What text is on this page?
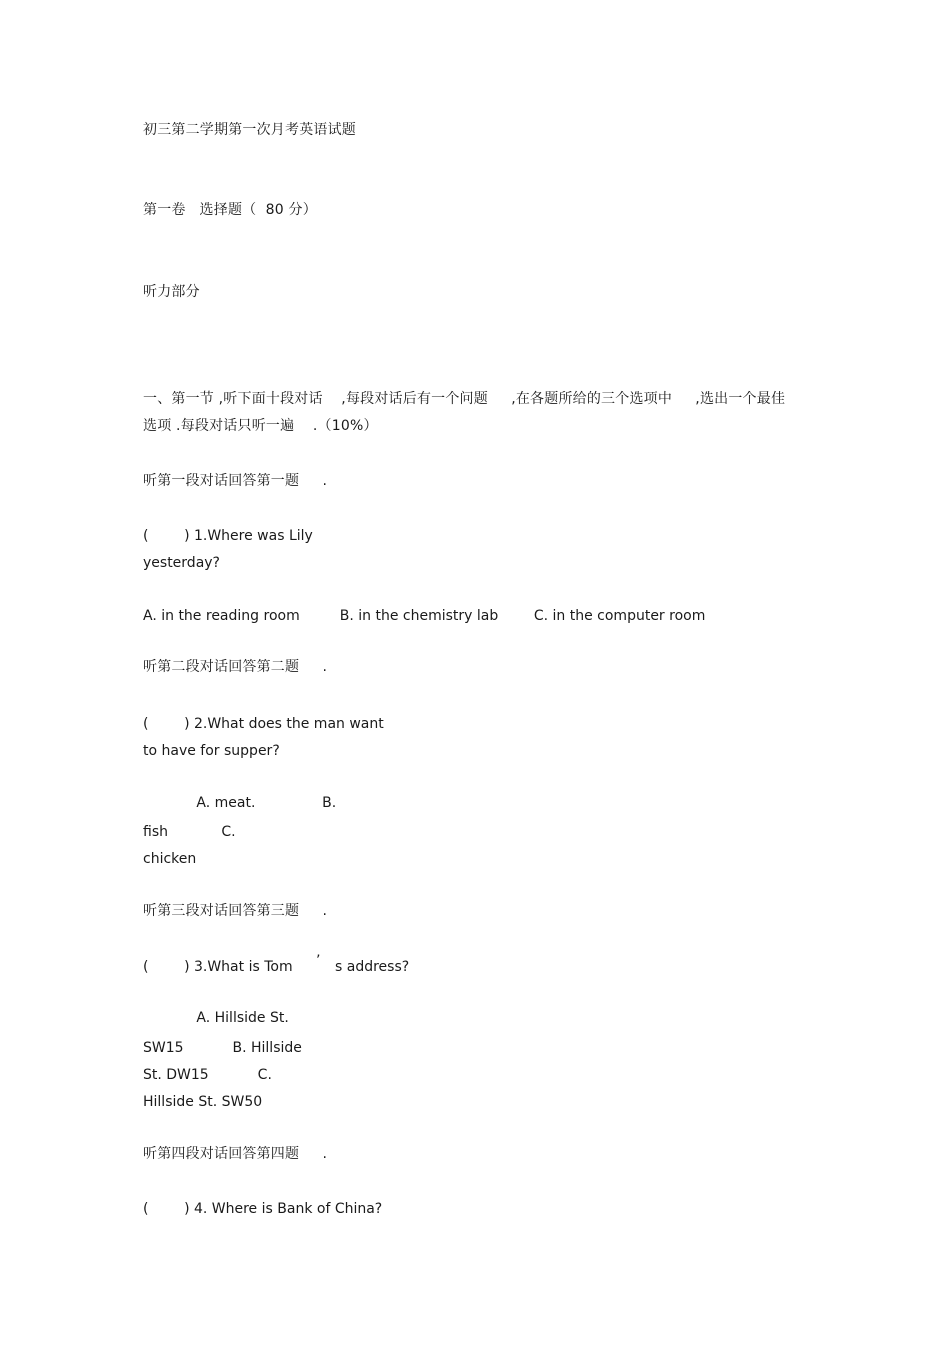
初三第二学期第一次月考英语试题

第一卷   选择题（  80 分）

听力部分

一、第一节 ,听下面十段对话    ,每段对话后有一个问题     ,在各题所给的三个选项中     ,选出一个最佳

选项 .每段对话只听一遍    .（10%）

听第一段对话回答第一题     .

(        ) 1.Where was Lily

yesterday?

A. in the reading room         B. in the chemistry lab        C. in the computer room

听第二段对话回答第二题     .

(        ) 2.What does the man want

to have for supper?

A. meat.               B.

fish            C.

chicken

听第三段对话回答第三题     .

(        ) 3.What is Tom ’ s address?

A. Hillside St.

SW15           B. Hillside

St. DW15           C.

Hillside St. SW50

听第四段对话回答第四题     .

(        ) 4. Where is Bank of China?
